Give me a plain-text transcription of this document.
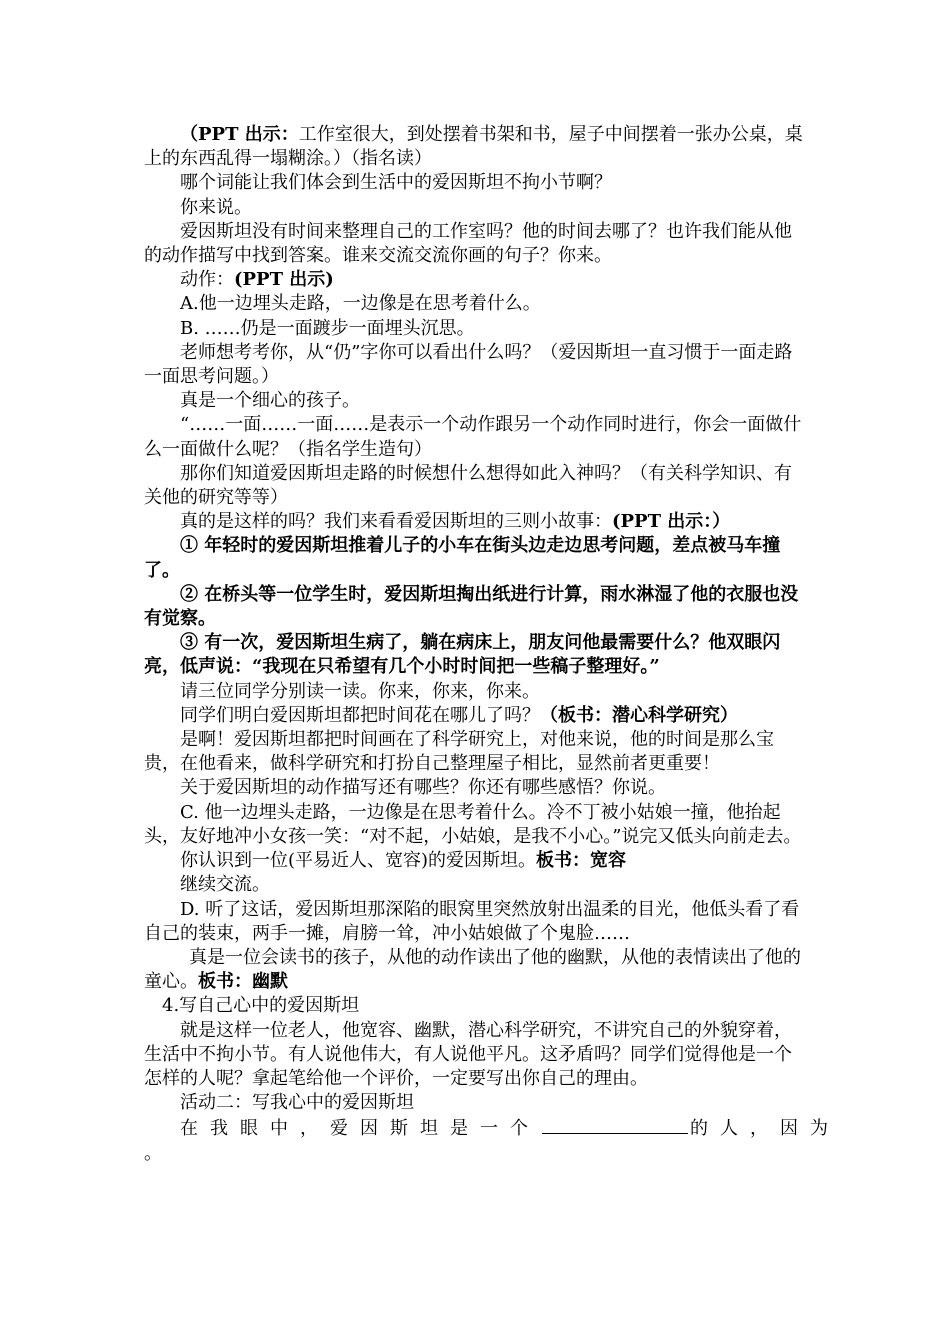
（PPT 出示：工作室很大，到处摆着书架和书，屋子中间摆着一张办公桌，桌上的东西乱得一塌糊涂。）（指名读）

哪个词能让我们体会到生活中的爱因斯坦不拘小节啊？

你来说。

爱因斯坦没有时间来整理自己的工作室吗？他的时间去哪了？也许我们能从他的动作描写中找到答案。谁来交流交流你画的句子？你来。

动作：(PPT 出示)

A.他一边埋头走路，一边像是在思考着什么。

B. ……仍是一面踱步一面埋头沉思。

老师想考考你，从“仍”字你可以看出什么吗？（爱因斯坦一直习惯于一面走路一面思考问题。）

真是一个细心的孩子。

“……一面……一面……是表示一个动作跟另一个动作同时进行，你会一面做什么一面做什么呢？（指名学生造句）

那你们知道爱因斯坦走路的时候想什么想得如此入神吗？（有关科学知识、有关他的研究等等）

真的是这样的吗？我们来看看爱因斯坦的三则小故事：(PPT 出示：）

① 年轻时的爱因斯坦推着儿子的小车在街头边走边思考问题，差点被马车撞了。

② 在桥头等一位学生时，爱因斯坦掏出纸进行计算，雨水淋湿了他的衣服也没有觉察。

③ 有一次，爱因斯坦生病了，躺在病床上，朋友问他最需要什么？他双眼闪亮，低声说：“我现在只希望有几个小时时间把一些稿子整理好。”

请三位同学分别读一读。你来，你来，你来。

同学们明白爱因斯坦都把时间花在哪儿了吗？（板书：潜心科学研究）

是啊！爱因斯坦都把时间画在了科学研究上，对他来说，他的时间是那么宝贵，在他看来，做科学研究和打扮自己整理屋子相比，显然前者更重要！

关于爱因斯坦的动作描写还有哪些？你还有哪些感悟？你说。

C. 他一边埋头走路，一边像是在思考着什么。冷不丁被小姑娘一撞，他抬起头，友好地冲小女孩一笑：“对不起，小姑娘，是我不小心。”说完又低头向前走去。

你认识到一位(平易近人、宽容)的爱因斯坦。板书：宽容

继续交流。

D. 听了这话，爱因斯坦那深陷的眼窝里突然放射出温柔的目光，他低头看了看自己的装束，两手一摊，肩膀一耸，冲小姑娘做了个鬼脸……

真是一位会读书的孩子，从他的动作读出了他的幽默，从他的表情读出了他的童心。板书：幽默

4.写自己心中的爱因斯坦

就是这样一位老人，他宽容、幽默，潜心科学研究，不讲究自己的外貌穿着，生活中不拘小节。有人说他伟大，有人说他平凡。这矛盾吗？同学们觉得他是一个怎样的人呢？拿起笔给他一个评价，一定要写出你自己的理由。

活动二：写我心中的爱因斯坦

在我眼中，爱因斯坦是一个	的人，因为

。
